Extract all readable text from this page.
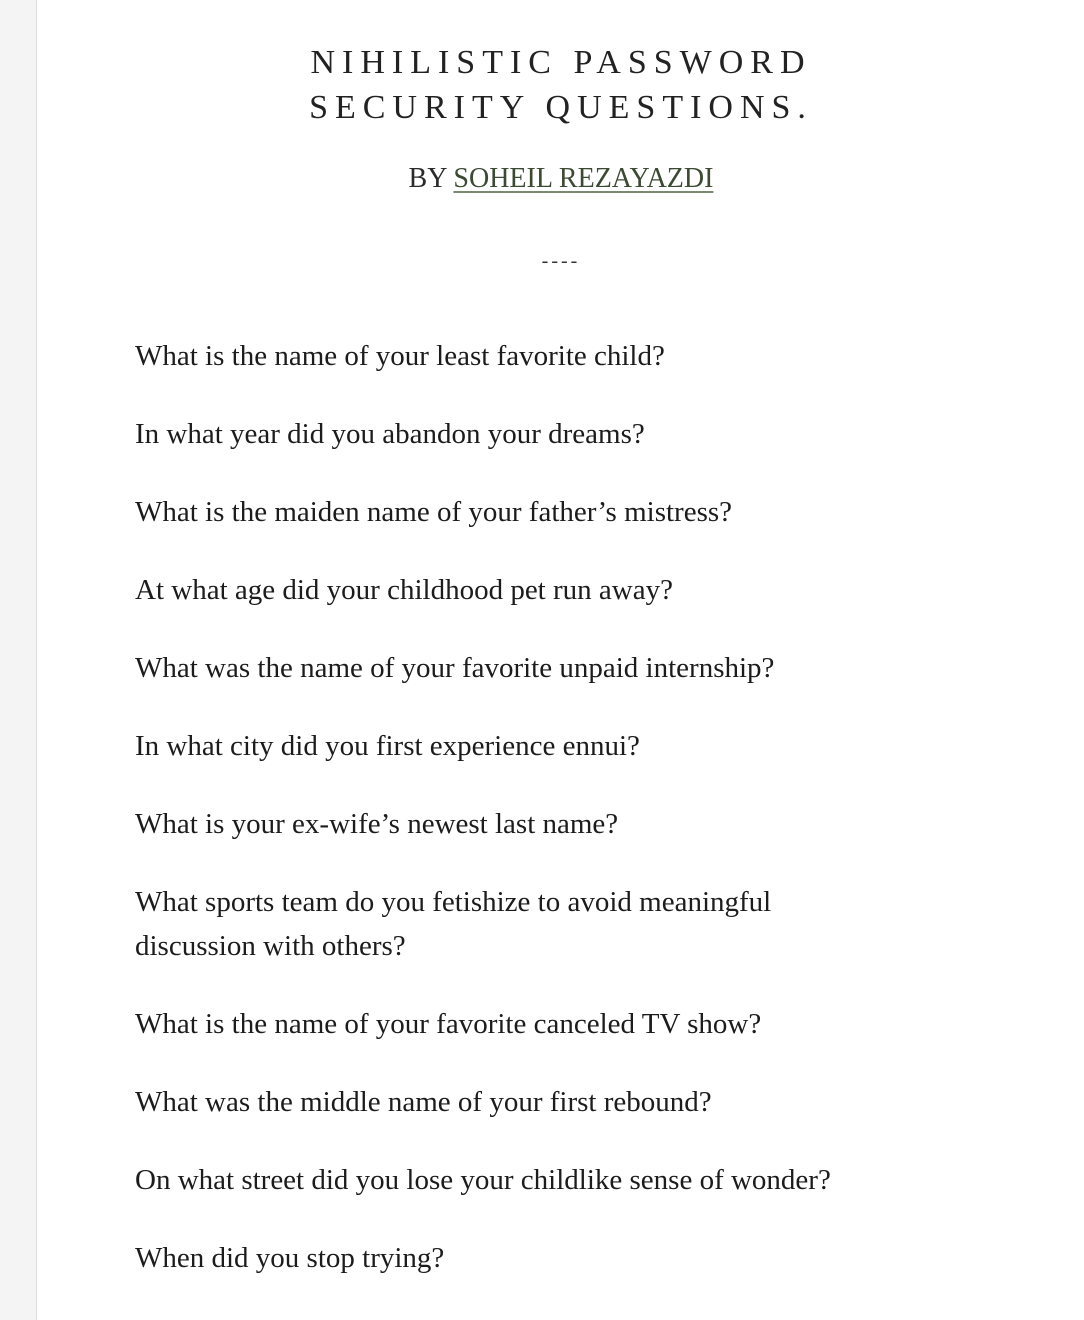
NIHILISTIC PASSWORD
SECURITY QUESTIONS.
BY SOHEIL REZAYAZDI
----
What is the name of your least favorite child?
In what year did you abandon your dreams?
What is the maiden name of your father’s mistress?
At what age did your childhood pet run away?
What was the name of your favorite unpaid internship?
In what city did you first experience ennui?
What is your ex-wife’s newest last name?
What sports team do you fetishize to avoid meaningful discussion with others?
What is the name of your favorite canceled TV show?
What was the middle name of your first rebound?
On what street did you lose your childlike sense of wonder?
When did you stop trying?
